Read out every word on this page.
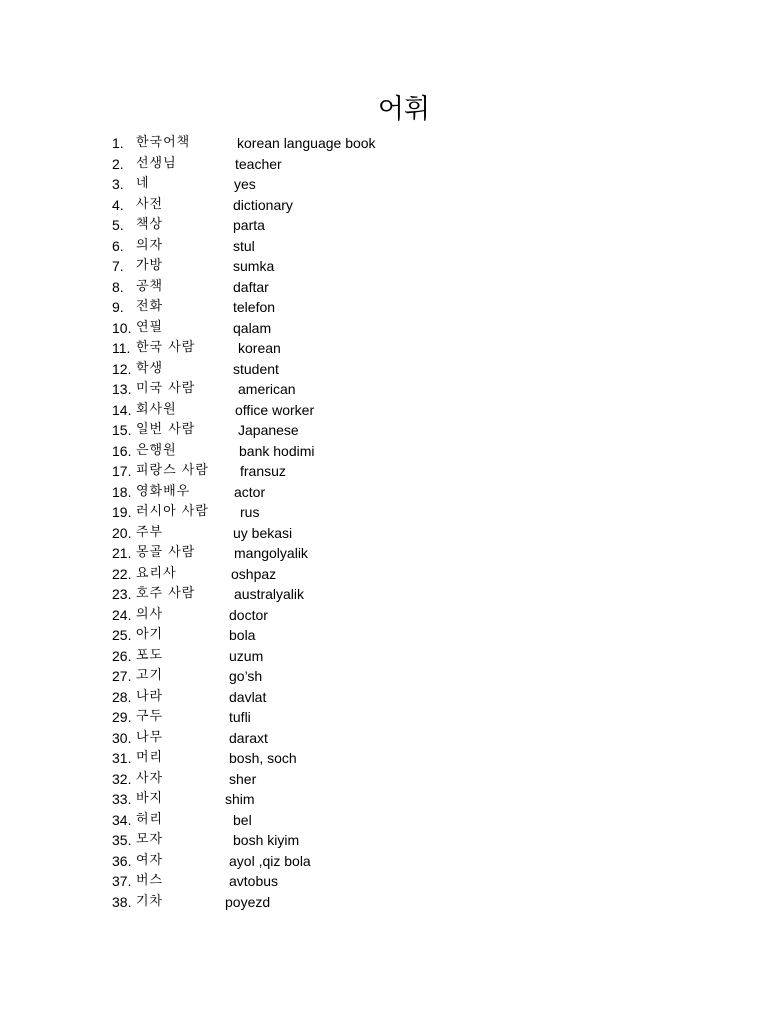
어휘
1. 한국어책	korean language book
2. 선생님	teacher
3. 네	yes
4. 사전	dictionary
5. 책상	parta
6. 의자	stul
7. 가방	sumka
8. 공책	daftar
9. 전화	telefon
10. 연필	qalam
11. 한국 사람	korean
12. 학생	student
13. 미국 사람	american
14. 회사원	office worker
15. 일번 사람	Japanese
16. 은행원	bank hodimi
17. 피랑스 사람 fransuz
18. 영화배우	actor
19. 러시아 사람 rus
20. 주부	uy bekasi
21. 몽골 사람	mangolyalik
22. 요리사	oshpaz
23. 호주 사람	australyalik
24. 의사	doctor
25. 아기	bola
26. 포도	uzum
27. 고기	go’sh
28. 나라	davlat
29. 구두	tufli
30. 나무	daraxt
31. 머리	bosh, soch
32. 사자	sher
33. 바지	shim
34. 허리	bel
35. 모자	bosh kiyim
36. 여자	ayol ,qiz bola
37. 버스	avtobus
38. 기차	poyezd
